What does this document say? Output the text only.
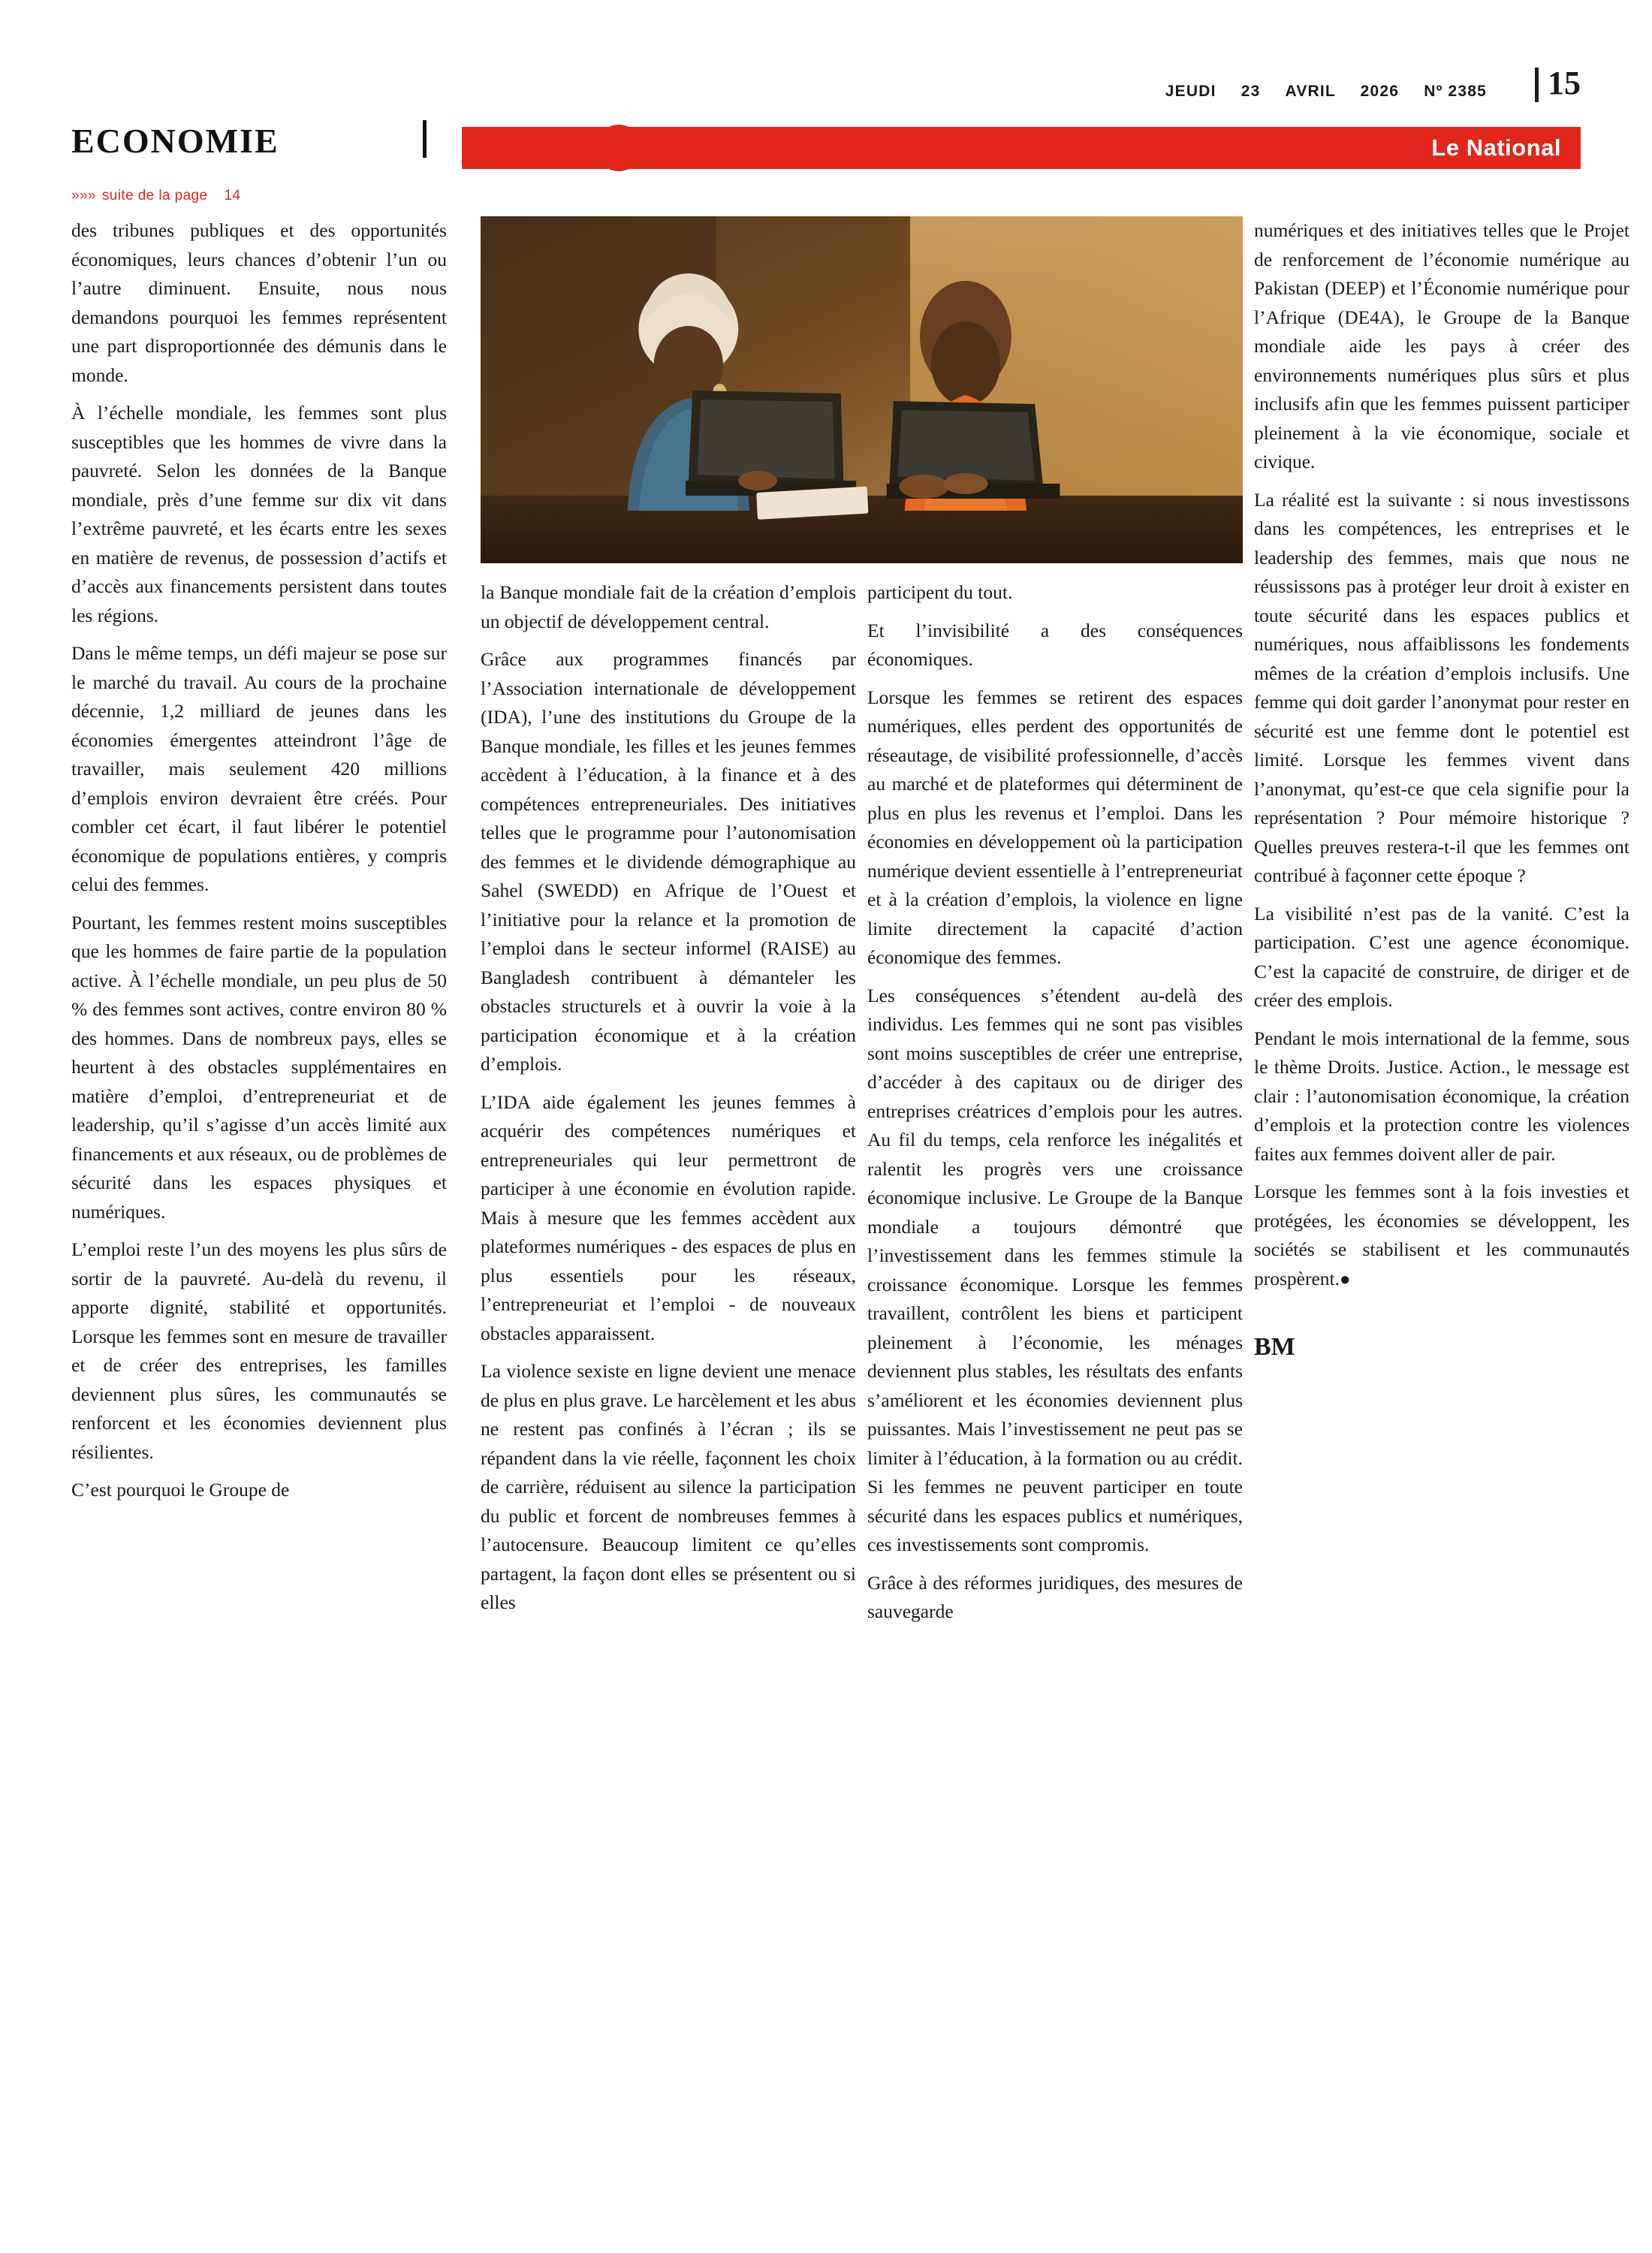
JEUDI 23 AVRIL 2026 Nº 2385 15
ECONOMIE	Le National
»»» suite de la page 14

des tribunes publiques et des opportunités économiques, leurs chances d’obtenir l’un ou l’autre diminuent. Ensuite, nous nous demandons pourquoi les femmes représentent une part disproportionnée des démunis dans le monde.

À l’échelle mondiale, les femmes sont plus susceptibles que les hommes de vivre dans la pauvreté. Selon les données de la Banque mondiale, près d’une femme sur dix vit dans l’extrême pauvreté, et les écarts entre les sexes en matière de revenus, de possession d’actifs et d’accès aux financements persistent dans toutes les régions.

Dans le même temps, un défi majeur se pose sur le marché du travail. Au cours de la prochaine décennie, 1,2 milliard de jeunes dans les économies émergentes atteindront l’âge de travailler, mais seulement 420 millions d’emplois environ devraient être créés. Pour combler cet écart, il faut libérer le potentiel économique de populations entières, y compris celui des femmes.

Pourtant, les femmes restent moins susceptibles que les hommes de faire partie de la population active. À l’échelle mondiale, un peu plus de 50 % des femmes sont actives, contre environ 80 % des hommes. Dans de nombreux pays, elles se heurtent à des obstacles supplémentaires en matière d’emploi, d’entrepreneuriat et de leadership, qu’il s’agisse d’un accès limité aux financements et aux réseaux, ou de problèmes de sécurité dans les espaces physiques et numériques.

L’emploi reste l’un des moyens les plus sûrs de sortir de la pauvreté. Au-delà du revenu, il apporte dignité, stabilité et opportunités. Lorsque les femmes sont en mesure de travailler et de créer des entreprises, les familles deviennent plus sûres, les communautés se renforcent et les économies deviennent plus résilientes.

C’est pourquoi le Groupe de

la Banque mondiale fait de la création d’emplois un objectif de développement central.

Grâce aux programmes financés par l’Association internationale de développement (IDA), l’une des institutions du Groupe de la Banque mondiale, les filles et les jeunes femmes accèdent à l’éducation, à la finance et à des compétences entrepreneuriales. Des initiatives telles que le programme pour l’autonomisation des femmes et le dividende démographique au Sahel (SWEDD) en Afrique de l’Ouest et l’initiative pour la relance et la promotion de l’emploi dans le secteur informel (RAISE) au Bangladesh contribuent à démanteler les obstacles structurels et à ouvrir la voie à la participation économique et à la création d’emplois.

L’IDA aide également les jeunes femmes à acquérir des compétences numériques et entrepreneuriales qui leur permettront de participer à une économie en évolution rapide. Mais à mesure que les femmes accèdent aux plateformes numériques - des espaces de plus en plus essentiels pour les réseaux, l’entrepreneuriat et l’emploi - de nouveaux obstacles apparaissent.

La violence sexiste en ligne devient une menace de plus en plus grave. Le harcèlement et les abus ne restent pas confinés à l’écran ; ils se répandent dans la vie réelle, façonnent les choix de carrière, réduisent au silence la participation du public et forcent de nombreuses femmes à l’autocensure. Beaucoup limitent ce qu’elles partagent, la façon dont elles se présentent ou si elles

numériques et des initiatives telles que le Projet de renforcement de l’économie numérique au Pakistan (DEEP) et l’Économie numérique pour l’Afrique (DE4A), le Groupe de la Banque mondiale aide les pays à créer des environnements numériques plus sûrs et plus inclusifs afin que les femmes puissent participer pleinement à la vie économique, sociale et civique.

La réalité est la suivante : si nous investissons dans les compétences, les entreprises et le leadership des femmes, mais que nous ne réussissons pas à protéger leur droit à exister en toute sécurité dans les espaces publics et numériques, nous affaiblissons les fondements mêmes de la création d’emplois inclusifs. Une femme qui doit garder l’anonymat pour rester en sécurité est une femme dont le potentiel est limité. Lorsque les femmes vivent dans l’anonymat, qu’est-ce que cela signifie pour la représentation ? Pour mémoire historique ? Quelles preuves restera-t-il que les femmes ont contribué à façonner cette époque ?

La visibilité n’est pas de la vanité. C’est la participation. C’est une agence économique. C’est la capacité de construire, de diriger et de créer des emplois.

Pendant le mois international de la femme, sous le thème Droits. Justice. Action., le message est clair : l’autonomisation économique, la création d’emplois et la protection contre les violences faites aux femmes doivent aller de pair.

Lorsque les femmes sont à la fois investies et protégées, les économies se développent, les sociétés se stabilisent et les communautés prospèrent.●

BM

participent du tout.

Et l’invisibilité a des conséquences économiques.

Lorsque les femmes se retirent des espaces numériques, elles perdent des opportunités de réseautage, de visibilité professionnelle, d’accès au marché et de plateformes qui déterminent de plus en plus les revenus et l’emploi. Dans les économies en développement où la participation numérique devient essentielle à l’entrepreneuriat et à la création d’emplois, la violence en ligne limite directement la capacité d’action économique des femmes.

Les conséquences s’étendent au-delà des individus. Les femmes qui ne sont pas visibles sont moins susceptibles de créer une entreprise, d’accéder à des capitaux ou de diriger des entreprises créatrices d’emplois pour les autres. Au fil du temps, cela renforce les inégalités et ralentit les progrès vers une croissance économique inclusive. Le Groupe de la Banque mondiale a toujours démontré que l’investissement dans les femmes stimule la croissance économique. Lorsque les femmes travaillent, contrôlent les biens et participent pleinement à l’économie, les ménages deviennent plus stables, les résultats des enfants s’améliorent et les économies deviennent plus puissantes. Mais l’investissement ne peut pas se limiter à l’éducation, à la formation ou au crédit. Si les femmes ne peuvent participer en toute sécurité dans les espaces publics et numériques, ces investissements sont compromis.

Grâce à des réformes juridiques, des mesures de sauvegarde
